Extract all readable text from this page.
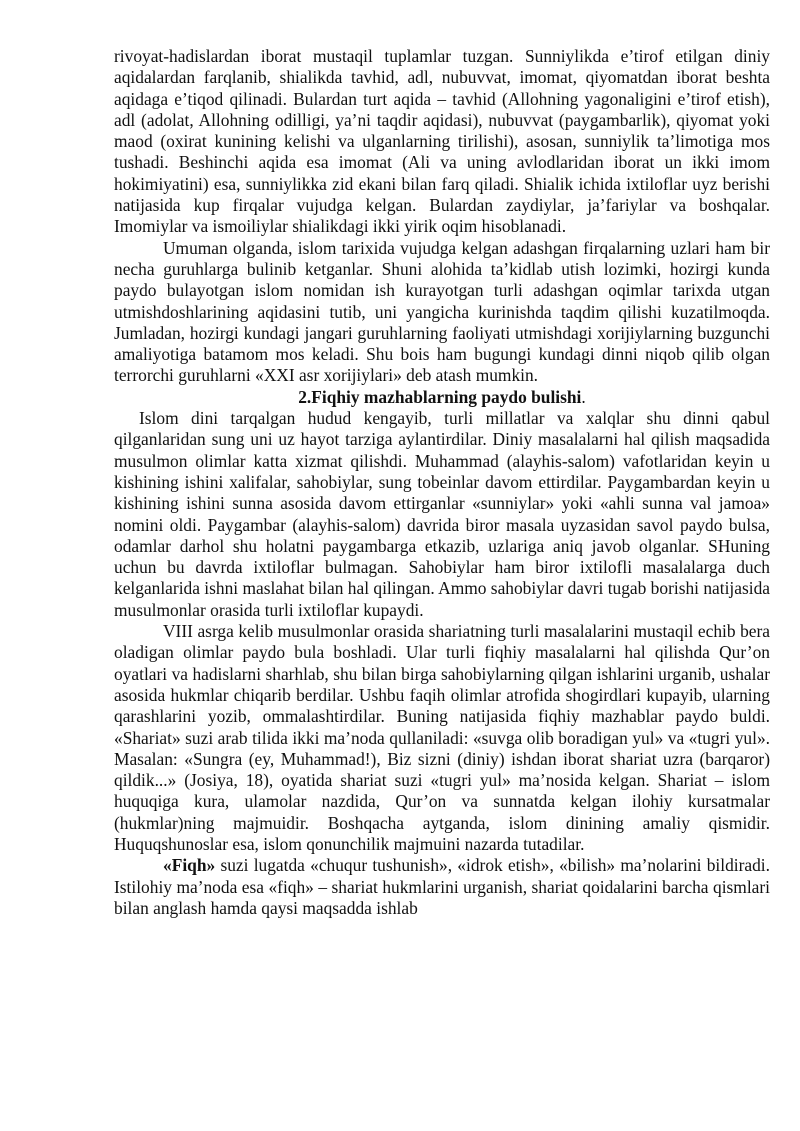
rivoyat-hadislardan iborat mustaqil tuplamlar tuzgan. Sunniylikda e’tirof etilgan diniy aqidalardan farqlanib, shialikda tavhid, adl, nubuvvat, imomat, qiyomatdan iborat beshta aqidaga e’tiqod qilinadi. Bulardan turt aqida – tavhid (Allohning yagonaligini e’tirof etish), adl (adolat, Allohning odilligi, ya’ni taqdir aqidasi), nubuvvat (paygambarlik), qiyomat yoki maod (oxirat kunining kelishi va ulganlarning tirilishi), asosan, sunniylik ta’limotiga mos tushadi. Beshinchi aqida esa imomat (Ali va uning avlodlaridan iborat un ikki imom hokimiyatini) esa, sunniylikka zid ekani bilan farq qiladi. Shialik ichida ixtiloflar uyz berishi natijasida kup firqalar vujudga kelgan. Bulardan zaydiylar, ja’fariylar va boshqalar. Imomiylar va ismoiliylar shialikdagi ikki yirik oqim hisoblanadi.

Umuman olganda, islom tarixida vujudga kelgan adashgan firqalarning uzlari ham bir necha guruhlarga bulinib ketganlar. Shuni alohida ta’kidlab utish lozimki, hozirgi kunda paydo bulayotgan islom nomidan ish kurayotgan turli adashgan oqimlar tarixda utgan utmishdoshlarining aqidasini tutib, uni yangicha kurinishda taqdim qilishi kuzatilmoqda. Jumladan, hozirgi kundagi jangari guruhlarning faoliyati utmishdagi xorijiylarning buzgunchi amaliyotiga batamom mos keladi. Shu bois ham bugungi kundagi dinni niqob qilib olgan terrorchi guruhlarni «XXI asr xorijiylari» deb atash mumkin.

2.Fiqhiy mazhablarning paydo bulishi.

Islom dini tarqalgan hudud kengayib, turli millatlar va xalqlar shu dinni qabul qilganlaridan sung uni uz hayot tarziga aylantirdilar. Diniy masalalarni hal qilish maqsadida musulmon olimlar katta xizmat qilishdi. Muhammad (alayhis-salom) vafotlaridan keyin u kishining ishini xalifalar, sahobiylar, sung tobeinlar davom ettirdilar. Paygambardan keyin u kishining ishini sunna asosida davom ettirganlar «sunniylar» yoki «ahli sunna val jamoa» nomini oldi. Paygambar (alayhis-salom) davrida biror masala uyzasidan savol paydo bulsa, odamlar darhol shu holatni paygambarga etkazib, uzlariga aniq javob olganlar. SHuning uchun bu davrda ixtiloflar bulmagan. Sahobiylar ham biror ixtilofli masalalarga duch kelganlarida ishni maslahat bilan hal qilingan. Ammo sahobiylar davri tugab borishi natijasida musulmonlar orasida turli ixtiloflar kupaydi.

VIII asrga kelib musulmonlar orasida shariatning turli masalalarini mustaqil echib bera oladigan olimlar paydo bula boshladi. Ular turli fiqhiy masalalarni hal qilishda Qur’on oyatlari va hadislarni sharhlab, shu bilan birga sahobiylarning qilgan ishlarini urganib, ushalar asosida hukmlar chiqarib berdilar. Ushbu faqih olimlar atrofida shogirdlari kupayib, ularning qarashlarini yozib, ommalashtirdilar. Buning natijasida fiqhiy mazhablar paydo buldi. «Shariat» suzi arab tilida ikki ma’noda qullaniladi: «suvga olib boradigan yul» va «tugri yul». Masalan: «Sungra (ey, Muhammad!), Biz sizni (diniy) ishdan iborat shariat uzra (barqaror) qildik...» (Josiya, 18), oyatida shariat suzi «tugri yul» ma’nosida kelgan. Shariat – islom huquqiga kura, ulamolar nazdida, Qur’on va sunnatda kelgan ilohiy kursatmalar (hukmlar)ning majmuidir. Boshqacha aytganda, islom dinining amaliy qismidir. Huquqshunoslar esa, islom qonunchilik majmuini nazarda tutadilar.

«Fiqh» suzi lugatda «chuqur tushunish», «idrok etish», «bilish» ma’nolarini bildiradi. Istilohiy ma’noda esa «fiqh» – shariat hukmlarini urganish, shariat qoidalarini barcha qismlari bilan anglash hamda qaysi maqsadda ishlab
